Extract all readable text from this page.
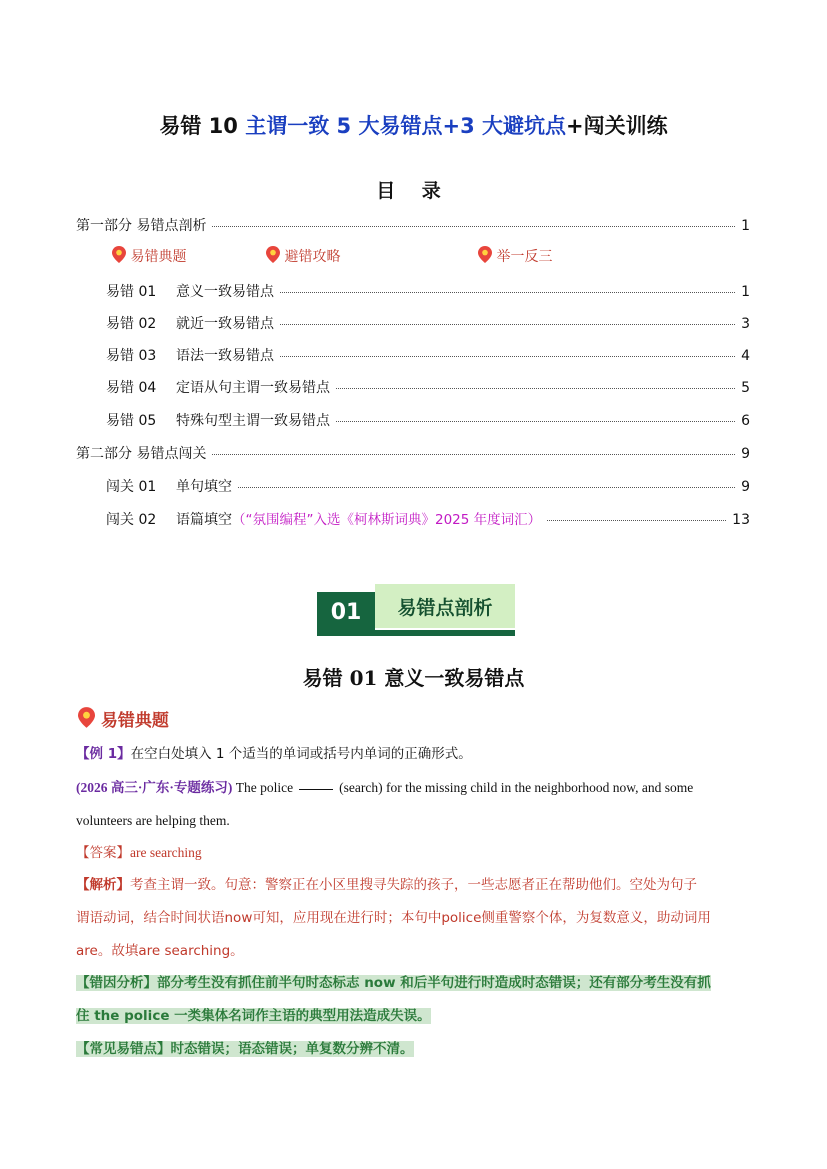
易错 10 主谓一致 5 大易错点+3 大避坑点+闯关训练
目 录
第一部分 易错点剖析	1
易错典题	避错攻略	举一反三
易错 01 意义一致易错点	1
易错 02 就近一致易错点	3
易错 03 语法一致易错点	4
易错 04 定语从句主谓一致易错点	5
易错 05 特殊句型主谓一致易错点	6
第二部分 易错点闯关	9
闯关 01 单句填空	9
闯关 02 语篇填空（“氛围编程”入选《柯林斯词典》2025 年度词汇）	13
易错点剖析
01
易错 01 意义一致易错点
易错典题
【例 1】在空白处填入 1 个适当的单词或括号内单词的正确形式。
(2026 高三·广东·专题练习) The police	(search) for the missing child in the neighborhood now, and some
volunteers are helping them.
【答案】are searching
【解析】考查主谓一致。句意：警察正在小区里搜寻失踪的孩子，一些志愿者正在帮助他们。空处为句子
谓语动词，结合时间状语now可知，应用现在进行时；本句中police侧重警察个体，为复数意义，助动词用
are。故填are searching。
【错因分析】部分考生没有抓住前半句时态标志 now 和后半句进行时造成时态错误；还有部分考生没有抓
住 the police 一类集体名词作主语的典型用法造成失误。
【常见易错点】时态错误；语态错误；单复数分辨不清。
